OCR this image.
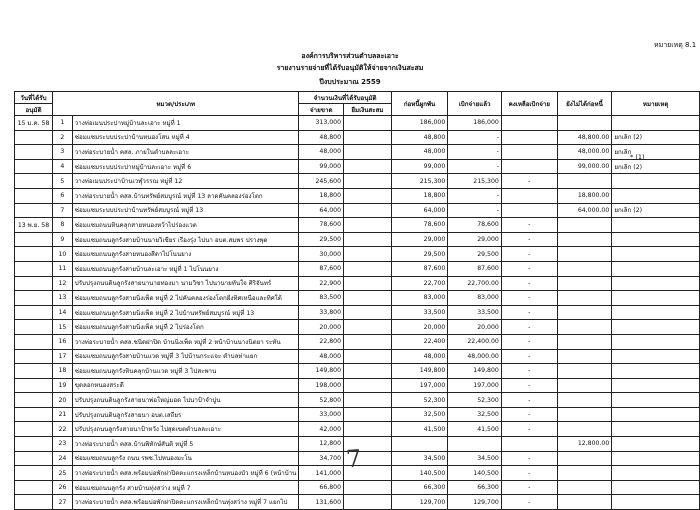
หมายเหตุ 8.1
องค์การบริหารส่วนตำบลละเอาะ
รายงานรายจ่ายที่ได้รับอนุมัติให้จ่ายจากเงินสะสม
ปีงบประมาณ 2559
วันที่ได้รับ	หมวด/ประเภท		จำนวนเงินที่ได้รับอนุมัติ		ก่อหนี้ผูกพัน	เบิกจ่ายแล้ว	คงเหลือเบิกจ่าย	ยังไม่ได้ก่อหนี้	หมายเหตุ
อนุมัติ			จ่ายขาด	ยืมเงินสะสม					
15 ม.ค. 58	1	วางท่อเมนประปาหมู่บ้านละเอาะ หมู่ที่ 1	313,000		186,000	186,000			
	2	ซ่อมแซมระบบประปาบ้านหนองโสน หมู่ที่ 4	48,800		48,800	-		48,800.00	ยกเลิก (2)
	3	วางท่อระบายน้ำ คสล. ภายในตำบลละเอาะ	48,000		48,000	-		48,000.00	ยกเลิก
	4	ซ่อมแซมระบบประปาหมู่บ้านละเอาะ หมู่ที่ 6	99,000		99,000	-		99,000.00	ยกเลิก (2)
	5	วางท่อเมนประปาบ้านเวฬุวรรณ หมู่ที่ 12	245,600		215,300	215,300	-		
	6	วางท่อระบายน้ำ คสล.บ้านทรัพย์สมบูรณ์ หมู่ที่ 13 ลาดคันคลองร่องโตก	18,800		18,800	-		18,800.00	
	7	ซ่อมแซมระบบประปาบ้านทรัพย์สมบูรณ์ หมู่ที่ 13	64,000		64,000	-		64,000.00	ยกเลิก (2)
13 พ.ย. 58	8	ซ่อมแซมถนนหินคลุกสายหนองหว้าไปร่องแวด	78,600		78,600	78,600	-		
	9	ซ่อมแซมถนนลูกรังสายบ้านนายวิเชียร เรืองรุ่ง ไปนา อบต.สมพร ปรางพุด	29,500		29,000	29,000	-		
	10	ซ่อมแซมถนนลูกรังสายหนองสีดาไปโนนยาง	30,000		29,500	29,500	-		
	11	ซ่อมแซมถนนลูกรังสายบ้านละเอาะ หมู่ที่ 1 ไปโนนยาง	87,600		87,600	87,600	-		
	12	ปรับปรุงถนนดินลูกรังสายนานายทองมา นามวิชา ไปนานายทันใจ ศิริจันทร์	22,900		22,700	22,700.00	-		
	13	ซ่อมแซมถนนลูกรังสายนิ่งเพ็ด หมู่ที่ 2 ไปคันคลองร่องโตกฝั่งทิศเหนือและทิศใต้	83,500		83,000	83,000	-		
	14	ซ่อมแซมถนนลูกรังสายนิ่งเพ็ด หมู่ที่ 2 ไปบ้านทรัพย์สมบูรณ์ หมู่ที่ 13	33,800		33,500	33,500	-		
	15	ซ่อมแซมถนนลูกรังสายนิ่งเพ็ด หมู่ที่ 2 ไปร่องโตก	20,000		20,000	20,000	-		
	16	วางท่อระบายน้ำ คสล.ชนิดฝาปิด บ้านนิ่งเพ็ด หมู่ที่ 2 หน้าบ้านนางนิตยา ระทัน	22,800		22,400	22,400.00	-		
	17	ซ่อมแซมถนนลูกรังสายบ้านแวด หมู่ที่ 3 ไปบ้านกระแจะ ตำบลท่าแยก	48,000		48,000	48,000.00	-		
	18	ซ่อมแซมถนนลูกรังหินคลุกบ้านแวด หมู่ที่ 3 ไปสะพาน	149,800		149,800	149,800	-		
	19	ขุดลอกหนองสระดี	198,000		197,000	197,000	-		
	20	ปรับปรุงถนนดินลูกรังสายนาพ่อใหญ่มอด ไปนาป้าจำปูน	52,800		52,300	52,300	-		
	21	ปรับปรุงถนนดินลูกรังสายนา อบต.เสถียร	33,000		32,500	32,500	-		
	22	ปรับปรุงถนนลูกรังสายนาป้าหวัง ไปสุดเขตตำบลละเอาะ	42,000		41,500	41,500	-		
	23	วางท่อระบายน้ำ คสล.บ้านพิทักษ์สันติ หมู่ที่ 5	12,800					12,800.00	
	24	ซ่อมแซมถนนลูกรัง ถนน รพช.ไปหนองมะโน	34,700		34,500	34,500	-		
	25	วางท่อระบายน้ำ คสล.พร้อมบ่อพักฝาปิดตะแกรงเหล็กบ้านหนองบัว หมู่ที่ 6 (หน้าบ้าน	141,000		140,500	140,500	-		
	26	ซ่อมแซมถนนลูกรัง สายบ้านทุ่งสว่าง หมู่ที่ 7	66,800		66,300	66,300	-		
	27	วางท่อระบายน้ำ คสล.พร้อมบ่อพักฝาปิดตะแกรงเหล็กบ้านทุ่งสว่าง หมู่ที่ 7 แยกไป	131,600		129,700	129,700	-		
* (1)
7
